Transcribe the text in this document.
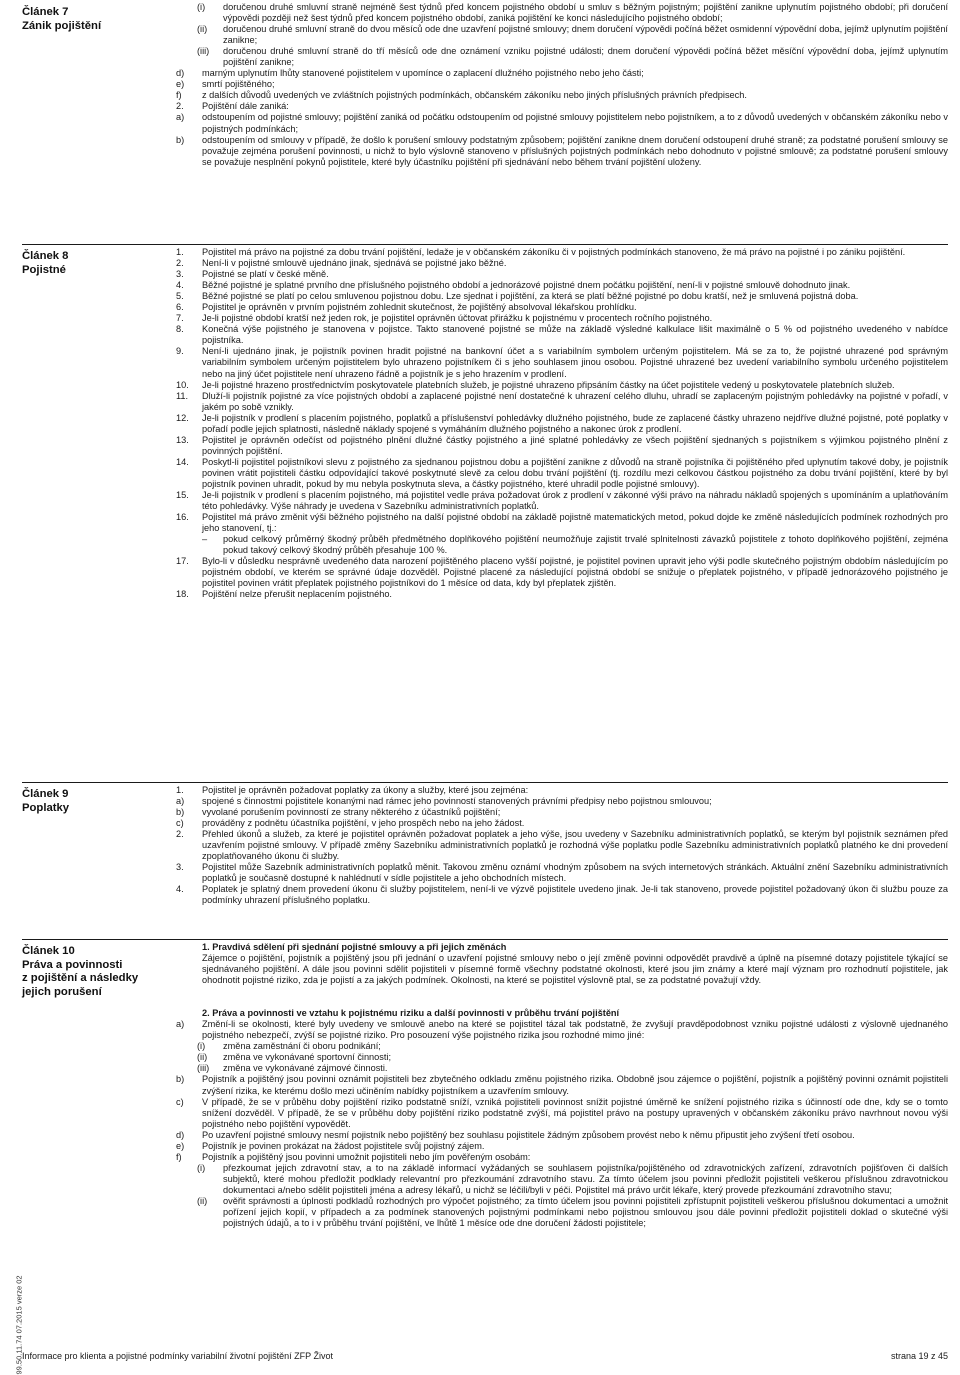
99.50.11.74 07.2015 verze 02
Článek 7
Zánik pojištění
(i) doručenou druhé smluvní straně nejméně šest týdnů před koncem pojistného období u smluv s běžným pojistným; pojištění zanikne uplynutím pojistného období; při doručení výpovědi později než šest týdnů před koncem pojistného období, zaniká pojištění ke konci následujícího pojistného období;
(ii) doručenou druhé smluvní straně do dvou měsíců ode dne uzavření pojistné smlouvy; dnem doručení výpovědi počíná běžet osmidenní výpovědní doba, jejímž uplynutím pojištění zanikne;
(iii) doručenou druhé smluvní straně do tří měsíců ode dne oznámení vzniku pojistné události; dnem doručení výpovědi počíná běžet měsíční výpovědní doba, jejímž uplynutím pojištění zanikne;
d) marným uplynutím lhůty stanovené pojistitelem v upomínce o zaplacení dlužného pojistného nebo jeho části;
e) smrtí pojištěného;
f) z dalších důvodů uvedených ve zvláštních pojistných podmínkách, občanském zákoníku nebo jiných příslušných právních předpisech.
2. Pojištění dále zaniká:
a) odstoupením od pojistné smlouvy; pojištění zaniká od počátku odstoupením od pojistné smlouvy pojistitelem nebo pojistníkem, a to z důvodů uvedených v občanském zákoníku nebo v pojistných podmínkách;
b) odstoupením od smlouvy v případě, že došlo k porušení smlouvy podstatným způsobem; pojištění zanikne dnem doručení odstoupení druhé straně; za podstatné porušení smlouvy se považuje zejména porušení povinnosti, u nichž to bylo výslovně stanoveno v příslušných pojistných podmínkách nebo dohodnuto v pojistné smlouvě; za podstatné porušení smlouvy se považuje nesplnění pokynů pojistitele, které byly účastníku pojištění při sjednávání nebo během trvání pojištění uloženy.
Článek 8
Pojistné
1. Pojistitel má právo na pojistné za dobu trvání pojištění, ledaže je v občanském zákoníku či v pojistných podmínkách stanoveno, že má právo na pojistné i po zániku pojištění.
2. Není-li v pojistné smlouvě ujednáno jinak, sjednává se pojistné jako běžné.
3. Pojistné se platí v české měně.
4. Běžné pojistné je splatné prvního dne příslušného pojistného období a jednorázové pojistné dnem počátku pojištění, není-li v pojistné smlouvě dohodnuto jinak.
5. Běžné pojistné se platí po celou smluvenou pojistnou dobu. Lze sjednat i pojištění, za která se platí běžné pojistné po dobu kratší, než je smluvená pojistná doba.
6. Pojistitel je oprávněn v prvním pojistném zohlednit skutečnost, že pojištěný absolvoval lékařskou prohlídku.
7. Je-li pojistné období kratší než jeden rok, je pojistitel oprávněn účtovat přirážku k pojistnému v procentech ročního pojistného.
8. Konečná výše pojistného je stanovena v pojistce. Takto stanovené pojistné se může na základě výsledné kalkulace lišit maximálně o 5 % od pojistného uvedeného v nabídce pojistníka.
9. Není-li ujednáno jinak, je pojistník povinen hradit pojistné na bankovní účet a s variabilním symbolem určeným pojistitelem. Má se za to, že pojistné uhrazené pod správným variabilním symbolem určeným pojistitelem bylo uhrazeno pojistníkem či s jeho souhlasem jinou osobou. Pojistné uhrazené bez uvedení variabilního symbolu určeného pojistitelem nebo na jiný účet pojistitele není uhrazeno řádně a pojistník je s jeho hrazením v prodlení.
10. Je-li pojistné hrazeno prostřednictvím poskytovatele platebních služeb, je pojistné uhrazeno připsáním částky na účet pojistitele vedený u poskytovatele platebních služeb.
11. Dluží-li pojistník pojistné za více pojistných období a zaplacené pojistné není dostatečné k uhrazení celého dluhu, uhradí se zaplaceným pojistným pohledávky na pojistné v pořadí, v jakém po sobě vznikly.
12. Je-li pojistník v prodlení s placením pojistného, poplatků a příslušenství pohledávky dlužného pojistného, bude ze zaplacené částky uhrazeno nejdříve dlužné pojistné, poté poplatky v pořadí podle jejich splatnosti, následně náklady spojené s vymáháním dlužného pojistného a nakonec úrok z prodlení.
13. Pojistitel je oprávněn odečíst od pojistného plnění dlužné částky pojistného a jiné splatné pohledávky ze všech pojištění sjednaných s pojistníkem s výjimkou pojistného plnění z povinných pojištění.
14. Poskytl-li pojistitel pojistníkovi slevu z pojistného za sjednanou pojistnou dobu a pojištění zanikne z důvodů na straně pojistníka či pojištěného před uplynutím takové doby, je pojistník povinen vrátit pojistiteli částku odpovídající takové poskytnuté slevě za celou dobu trvání pojištění (tj. rozdílu mezi celkovou částkou pojistného za dobu trvání pojištění, které by byl pojistník povinen uhradit, pokud by mu nebyla poskytnuta sleva, a částky pojistného, které uhradil podle pojistné smlouvy).
15. Je-li pojistník v prodlení s placením pojistného, má pojistitel vedle práva požadovat úrok z prodlení v zákonné výši právo na náhradu nákladů spojených s upomínáním a uplatňováním této pohledávky. Výše náhrady je uvedena v Sazebníku administrativních poplatků.
16. Pojistitel má právo změnit výši běžného pojistného na další pojistné období na základě pojistně matematických metod, pokud dojde ke změně následujících podmínek rozhodných pro jeho stanovení, tj.:
– pokud celkový průměrný škodný průběh předmětného doplňkového pojištění neumožňuje zajistit trvalé splnitelnosti závazků pojistitele z tohoto doplňkového pojištění, zejména pokud takový celkový škodný průběh přesahuje 100 %.
17. Bylo-li v důsledku nesprávně uvedeného data narození pojištěného placeno vyšší pojistné, je pojistitel povinen upravit jeho výši podle skutečného pojistným obdobím následujícím po pojistném období, ve kterém se správné údaje dozvěděl. Pojistné placené za následující pojistná období se snižuje o přeplatek pojistného, v případě jednorázového pojistného je pojistitel povinen vrátit přeplatek pojistného pojistníkovi do 1 měsíce od data, kdy byl přeplatek zjištěn.
18. Pojištění nelze přerušit neplacením pojistného.
Článek 9
Poplatky
1. Pojistitel je oprávněn požadovat poplatky za úkony a služby, které jsou zejména:
a) spojené s činnostmi pojistitele konanými nad rámec jeho povinností stanovených právními předpisy nebo pojistnou smlouvou;
b) vyvolané porušením povinností ze strany některého z účastníků pojištění;
c) prováděny z podnětu účastníka pojištění, v jeho prospěch nebo na jeho žádost.
2. Přehled úkonů a služeb, za které je pojistitel oprávněn požadovat poplatek a jeho výše, jsou uvedeny v Sazebníku administrativních poplatků, se kterým byl pojistník seznámen před uzavřením pojistné smlouvy. V případě změny Sazebníku administrativních poplatků je rozhodná výše poplatku podle Sazebníku administrativních poplatků platného ke dni provedení zpoplatňovaného úkonu či služby.
3. Pojistitel může Sazebník administrativních poplatků měnit. Takovou změnu oznámí vhodným způsobem na svých internetových stránkách. Aktuální znění Sazebníku administrativních poplatků je současně dostupné k nahlédnutí v sídle pojistitele a jeho obchodních místech.
4. Poplatek je splatný dnem provedení úkonu či služby pojistitelem, není-li ve výzvě pojistitele uvedeno jinak. Je-li tak stanoveno, provede pojistitel požadovaný úkon či službu pouze za podmínky uhrazení příslušného poplatku.
Článek 10
Práva a povinnosti
z pojištění a následky
jejich porušení
1. Pravdivá sdělení při sjednání pojistné smlouvy a při jejich změnách

Zájemce o pojištění, pojistník a pojištěný jsou při jednání o uzavření pojistné smlouvy nebo o její změně povinni odpovědět pravdivě a úplně na písemné dotazy pojistitele týkající se sjednávaného pojištění. A dále jsou povinni sdělit pojistiteli v písemné formě všechny podstatné okolnosti, které jsou jim známy a které mají význam pro rozhodnutí pojistitele, jak ohodnotit pojistné riziko, zda je pojistí a za jakých podmínek. Okolnosti, na které se pojistitel výslovně ptal, se za podstatné považují vždy.

2. Práva a povinnosti ve vztahu k pojistnému riziku a další povinnosti v průběhu trvání pojištění
a) Změní-li se okolnosti, které byly uvedeny ve smlouvě anebo na které se pojistitel tázal tak podstatně, že zvyšují pravděpodobnost vzniku pojistné události z výslovně ujednaného pojistného nebezpečí, zvýší se pojistné riziko. Pro posouzení výše pojistného rizika jsou rozhodné mimo jiné:
(i) změna zaměstnání či oboru podnikání;
(ii) změna ve vykonávané sportovní činnosti;
(iii) změna ve vykonávané zájmové činnosti.
b) Pojistník a pojištěný jsou povinni oznámit pojistiteli bez zbytečného odkladu změnu pojistného rizika. Obdobně jsou zájemce o pojištění, pojistník a pojištěný povinni oznámit pojistiteli zvýšení rizika, ke kterému došlo mezi učiněním nabídky pojistníkem a uzavřením smlouvy.
c) V případě, že se v průběhu doby pojištění riziko podstatně sníží, vzniká pojistiteli povinnost snížit pojistné úměrně ke snížení pojistného rizika s účinností ode dne, kdy se o tomto snížení dozvěděl. V případě, že se v průběhu doby pojištění riziko podstatně zvýší, má pojistitel právo na postupy upravených v občanském zákoníku právo navrhnout novou výši pojistného nebo pojištění vypovědět.
d) Po uzavření pojistné smlouvy nesmí pojistník nebo pojištěný bez souhlasu pojistitele žádným způsobem provést nebo k němu připustit jeho zvýšení třetí osobou.
e) Pojistník je povinen prokázat na žádost pojistitele svůj pojistný zájem.
f) Pojistník a pojištěný jsou povinni umožnit pojistiteli nebo jím pověřeným osobám:
(i) přezkoumat jejich zdravotní stav, a to na základě informací vyžádaných se souhlasem pojistníka/pojištěného od zdravotnických zařízení, zdravotních pojišťoven či dalších subjektů, které mohou předložit podklady relevantní pro přezkoumání zdravotního stavu. Za tímto účelem jsou povinni předložit pojistiteli veškerou příslušnou zdravotnickou dokumentaci a/nebo sdělit pojistiteli jména a adresy lékařů, u nichž se léčili/byli v péči. Pojistitel má právo určit lékaře, který provede přezkoumání zdravotního stavu;
(ii) ověřit správnosti a úplnosti podkladů rozhodných pro výpočet pojistného; za tímto účelem jsou povinni pojistiteli zpřístupnit pojistiteli veškerou příslušnou dokumentaci a umožnit pořízení jejich kopií, v případech a za podmínek stanovených pojistnými podmínkami nebo pojistnou smlouvou jsou dále povinni předložit pojistiteli doklad o skutečné výši pojistných údajů, a to i v průběhu trvání pojištění, ve lhůtě 1 měsíce ode dne doručení žádosti pojistitele;
Informace pro klienta a pojistné podmínky variabilní životní pojištění ZFP Život	strana 19 z 45
